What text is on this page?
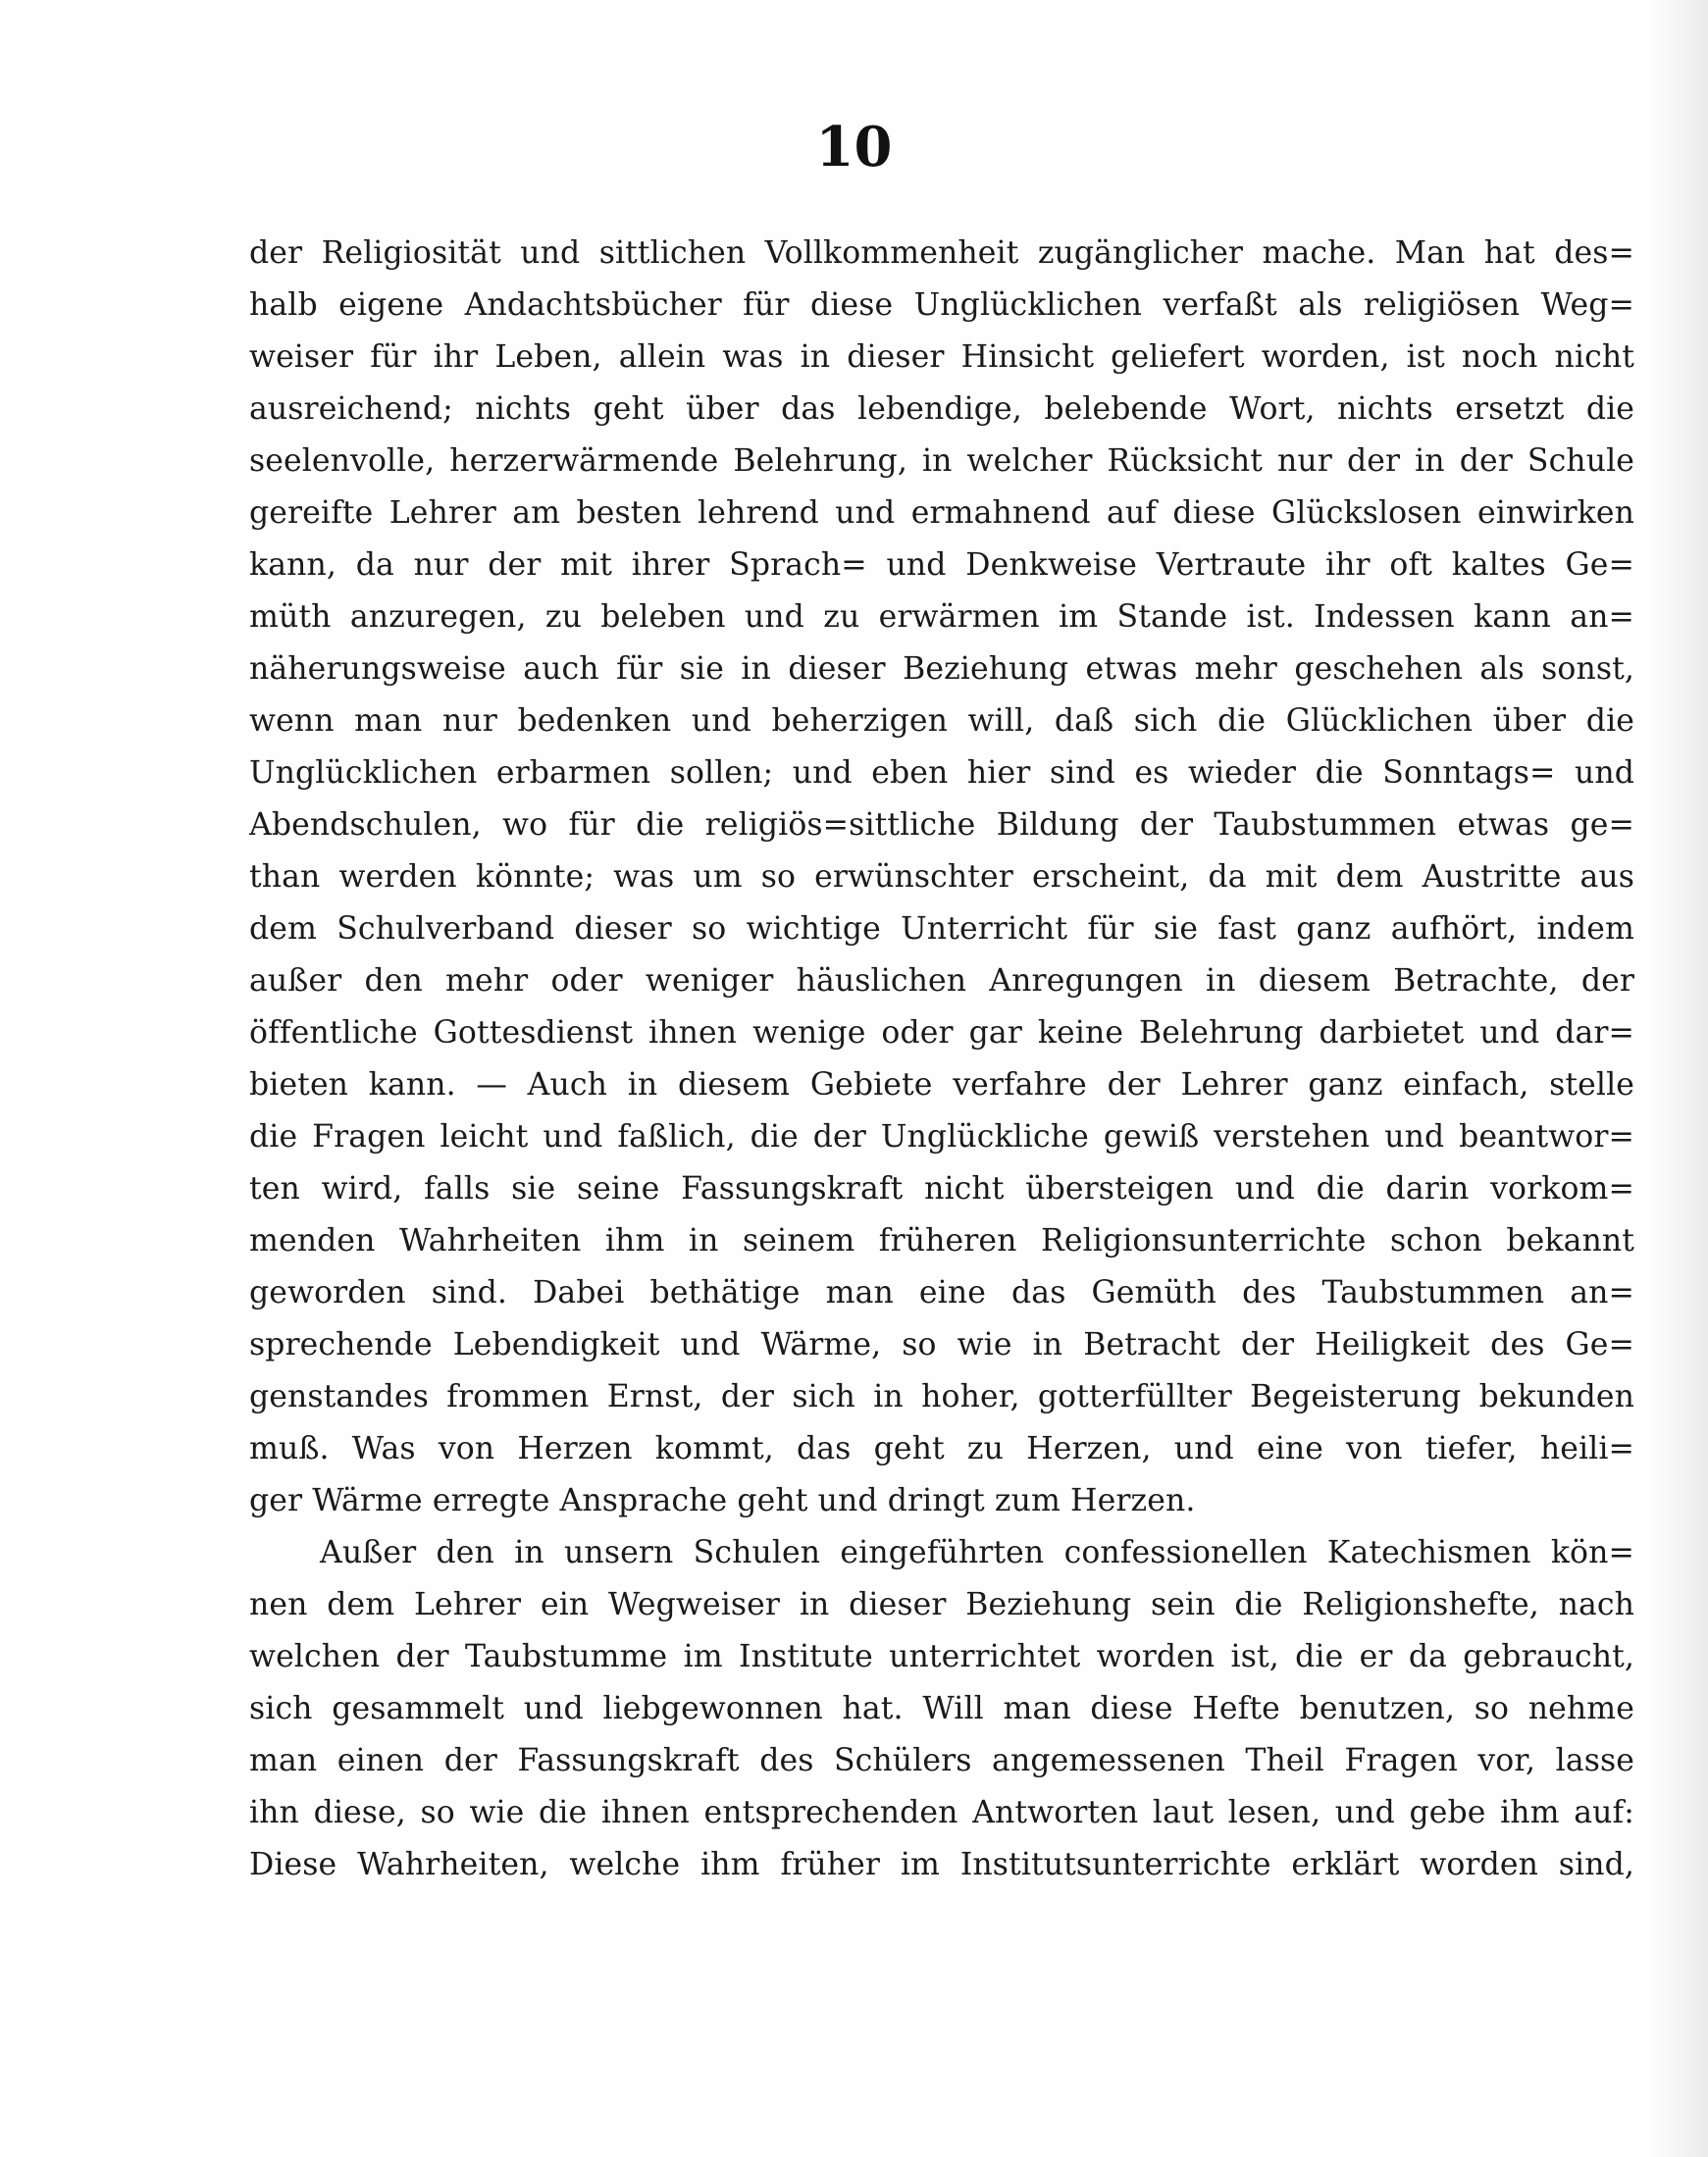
10
der Religiosität und sittlichen Vollkommenheit zugänglicher mache. Man hat des=
halb eigene Andachtsbücher für diese Unglücklichen verfaßt als religiösen Weg=
weiser für ihr Leben, allein was in dieser Hinsicht geliefert worden, ist noch nicht
ausreichend; nichts geht über das lebendige, belebende Wort, nichts ersetzt die
seelenvolle, herzerwärmende Belehrung, in welcher Rücksicht nur der in der Schule
gereifte Lehrer am besten lehrend und ermahnend auf diese Glückslosen einwirken
kann, da nur der mit ihrer Sprach= und Denkweise Vertraute ihr oft kaltes Ge=
müth anzuregen, zu beleben und zu erwärmen im Stande ist. Indessen kann an=
näherungsweise auch für sie in dieser Beziehung etwas mehr geschehen als sonst,
wenn man nur bedenken und beherzigen will, daß sich die Glücklichen über die
Unglücklichen erbarmen sollen; und eben hier sind es wieder die Sonntags= und
Abendschulen, wo für die religiös=sittliche Bildung der Taubstummen etwas ge=
than werden könnte; was um so erwünschter erscheint, da mit dem Austritte aus
dem Schulverband dieser so wichtige Unterricht für sie fast ganz aufhört, indem
außer den mehr oder weniger häuslichen Anregungen in diesem Betrachte, der
öffentliche Gottesdienst ihnen wenige oder gar keine Belehrung darbietet und dar=
bieten kann. — Auch in diesem Gebiete verfahre der Lehrer ganz einfach, stelle
die Fragen leicht und faßlich, die der Unglückliche gewiß verstehen und beantwor=
ten wird, falls sie seine Fassungskraft nicht übersteigen und die darin vorkom=
menden Wahrheiten ihm in seinem früheren Religionsunterrichte schon bekannt
geworden sind. Dabei bethätige man eine das Gemüth des Taubstummen an=
sprechende Lebendigkeit und Wärme, so wie in Betracht der Heiligkeit des Ge=
genstandes frommen Ernst, der sich in hoher, gotterfüllter Begeisterung bekunden
muß. Was von Herzen kommt, das geht zu Herzen, und eine von tiefer, heili=
ger Wärme erregte Ansprache geht und dringt zum Herzen.
Außer den in unsern Schulen eingeführten confessionellen Katechismen kön=
nen dem Lehrer ein Wegweiser in dieser Beziehung sein die Religionshefte, nach
welchen der Taubstumme im Institute unterrichtet worden ist, die er da gebraucht,
sich gesammelt und liebgewonnen hat. Will man diese Hefte benutzen, so nehme
man einen der Fassungskraft des Schülers angemessenen Theil Fragen vor, lasse
ihn diese, so wie die ihnen entsprechenden Antworten laut lesen, und gebe ihm auf:
Diese Wahrheiten, welche ihm früher im Institutsunterrichte erklärt worden sind,
